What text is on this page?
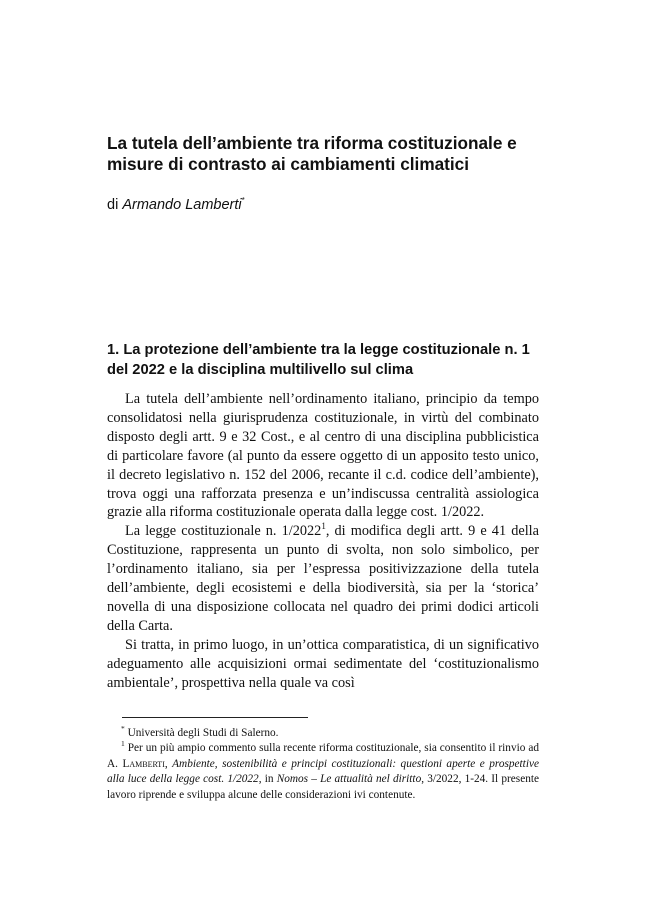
La tutela dell’ambiente tra riforma costituzionale e misure di contrasto ai cambiamenti climatici
di Armando Lamberti*
1. La protezione dell’ambiente tra la legge costituzionale n. 1 del 2022 e la disciplina multilivello sul clima

La tutela dell’ambiente nell’ordinamento italiano, principio da tempo consolidatosi nella giurisprudenza costituzionale, in virtù del combinato disposto degli artt. 9 e 32 Cost., e al centro di una disciplina pubblicistica di particolare favore (al punto da essere oggetto di un apposito testo unico, il decreto legislativo n. 152 del 2006, recante il c.d. codice dell’ambiente), trova oggi una rafforzata presenza e un’indiscussa centralità assiologica grazie alla riforma costituzionale operata dalla legge cost. 1/2022.

La legge costituzionale n. 1/2022$^1$, di modifica degli artt. 9 e 41 della Costituzione, rappresenta un punto di svolta, non solo simbolico, per l’ordinamento italiano, sia per l’espressa positivizzazione della tutela dell’ambiente, degli ecosistemi e della biodiversità, sia per la ‘storica’ novella di una disposizione collocata nel quadro dei primi dodici articoli della Carta.

Si tratta, in primo luogo, in un’ottica comparatistica, di un significativo adeguamento alle acquisizioni ormai sedimentate del ‘costituzionalismo ambientale’, prospettiva nella quale va così

* Università degli Studi di Salerno.

$^1$ Per un più ampio commento sulla recente riforma costituzionale, sia consentito il rinvio ad A. Lamberti, Ambiente, sostenibilità e principi costituzionali: questioni aperte e prospettive alla luce della legge cost. 1/2022, in Nomos – Le attualità nel diritto, 3/2022, 1-24. Il presente lavoro riprende e sviluppa alcune delle considerazioni ivi contenute.
